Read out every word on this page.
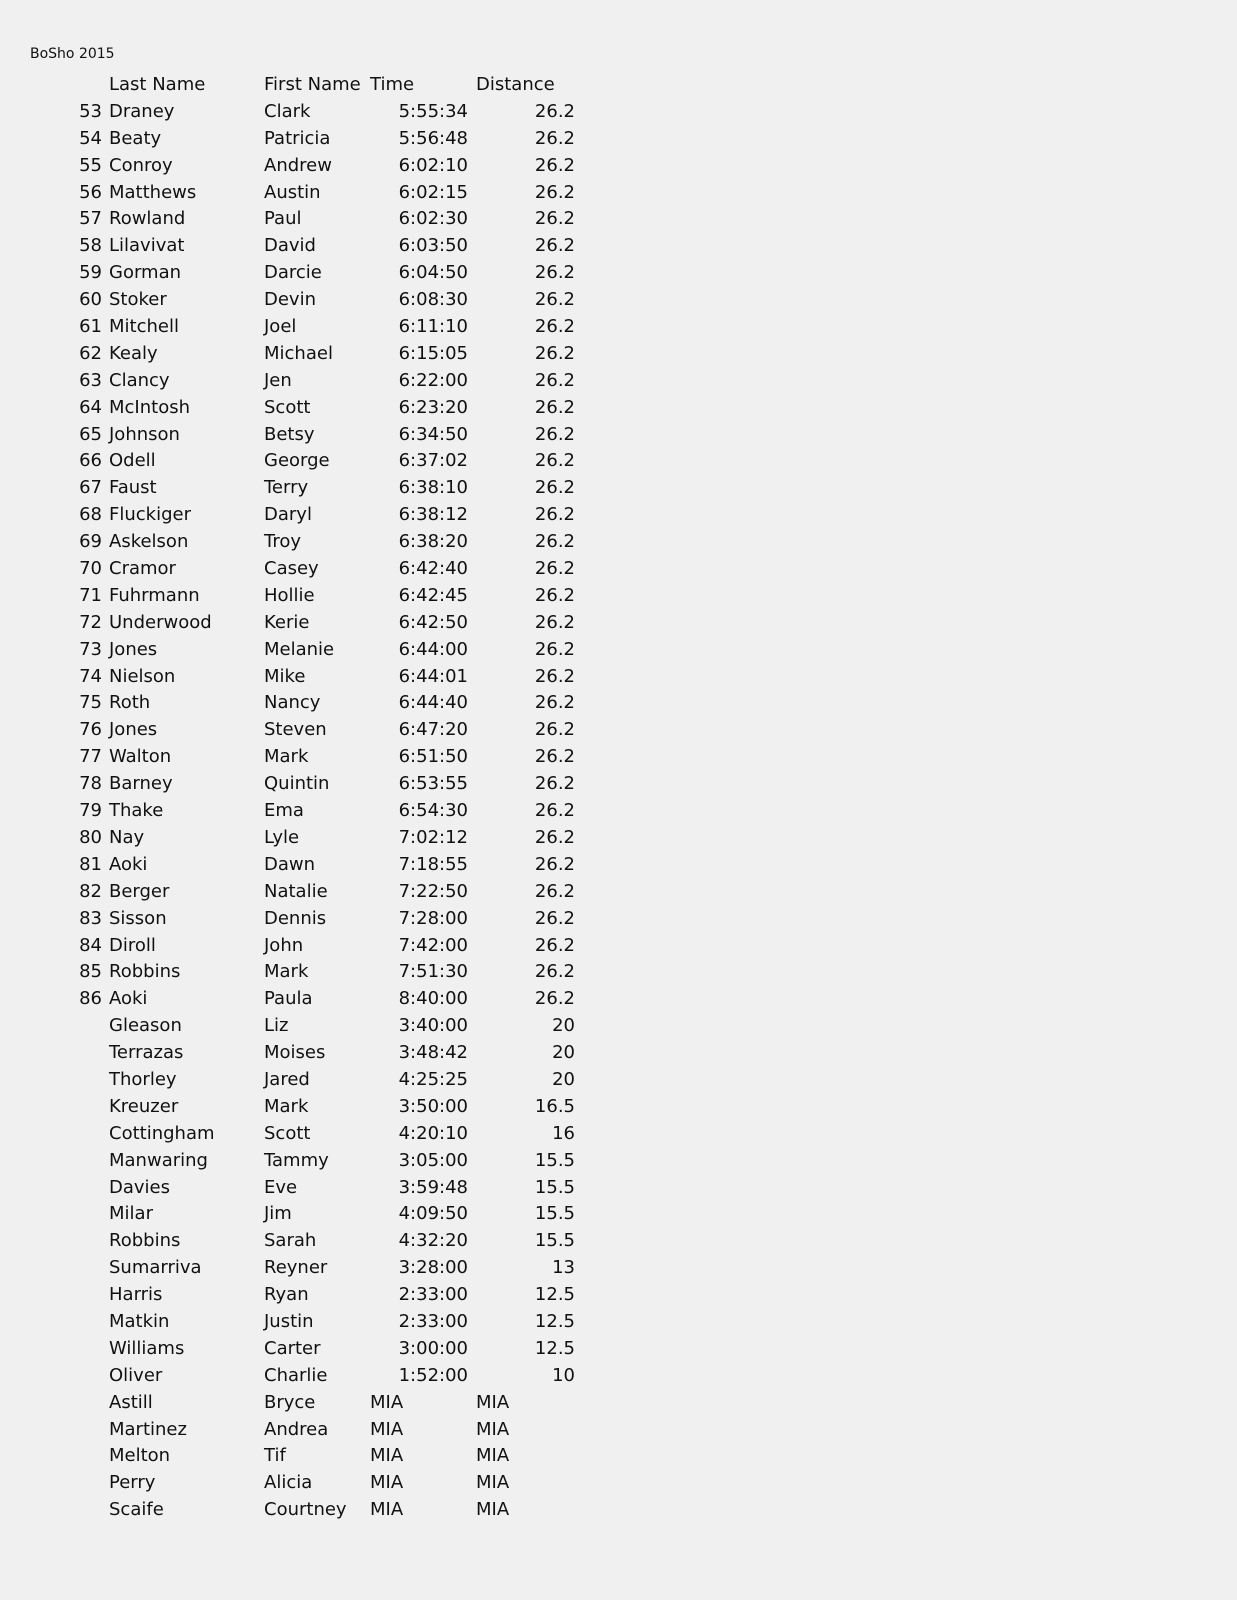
BoSho 2015
Last Name	First Name Time	Distance
53 Draney	Clark	5:55:34	26.2
54 Beaty	Patricia	5:56:48	26.2
55 Conroy	Andrew	6:02:10	26.2
56 Matthews	Austin	6:02:15	26.2
57 Rowland	Paul	6:02:30	26.2
58 Lilavivat	David	6:03:50	26.2
59 Gorman	Darcie	6:04:50	26.2
60 Stoker	Devin	6:08:30	26.2
61 Mitchell	Joel	6:11:10	26.2
62 Kealy	Michael	6:15:05	26.2
63 Clancy	Jen	6:22:00	26.2
64 McIntosh	Scott	6:23:20	26.2
65 Johnson	Betsy	6:34:50	26.2
66 Odell	George	6:37:02	26.2
67 Faust	Terry	6:38:10	26.2
68 Fluckiger	Daryl	6:38:12	26.2
69 Askelson	Troy	6:38:20	26.2
70 Cramor	Casey	6:42:40	26.2
71 Fuhrmann	Hollie	6:42:45	26.2
72 Underwood	Kerie	6:42:50	26.2
73 Jones	Melanie	6:44:00	26.2
74 Nielson	Mike	6:44:01	26.2
75 Roth	Nancy	6:44:40	26.2
76 Jones	Steven	6:47:20	26.2
77 Walton	Mark	6:51:50	26.2
78 Barney	Quintin	6:53:55	26.2
79 Thake	Ema	6:54:30	26.2
80 Nay	Lyle	7:02:12	26.2
81 Aoki	Dawn	7:18:55	26.2
82 Berger	Natalie	7:22:50	26.2
83 Sisson	Dennis	7:28:00	26.2
84 Diroll	John	7:42:00	26.2
85 Robbins	Mark	7:51:30	26.2
86 Aoki	Paula	8:40:00	26.2
Gleason	Liz	3:40:00	20
Terrazas	Moises	3:48:42	20
Thorley	Jared	4:25:25	20
Kreuzer	Mark	3:50:00	16.5
Cottingham	Scott	4:20:10	16
Manwaring	Tammy	3:05:00	15.5
Davies	Eve	3:59:48	15.5
Milar	Jim	4:09:50	15.5
Robbins	Sarah	4:32:20	15.5
Sumarriva	Reyner	3:28:00	13
Harris	Ryan	2:33:00	12.5
Matkin	Justin	2:33:00	12.5
Williams	Carter	3:00:00	12.5
Oliver	Charlie	1:52:00	10
Astill	Bryce	MIA	MIA
Martinez	Andrea MIA	MIA
Melton	Tif	MIA	MIA
Perry	Alicia	MIA	MIA
Scaife	Courtney MIA	MIA
